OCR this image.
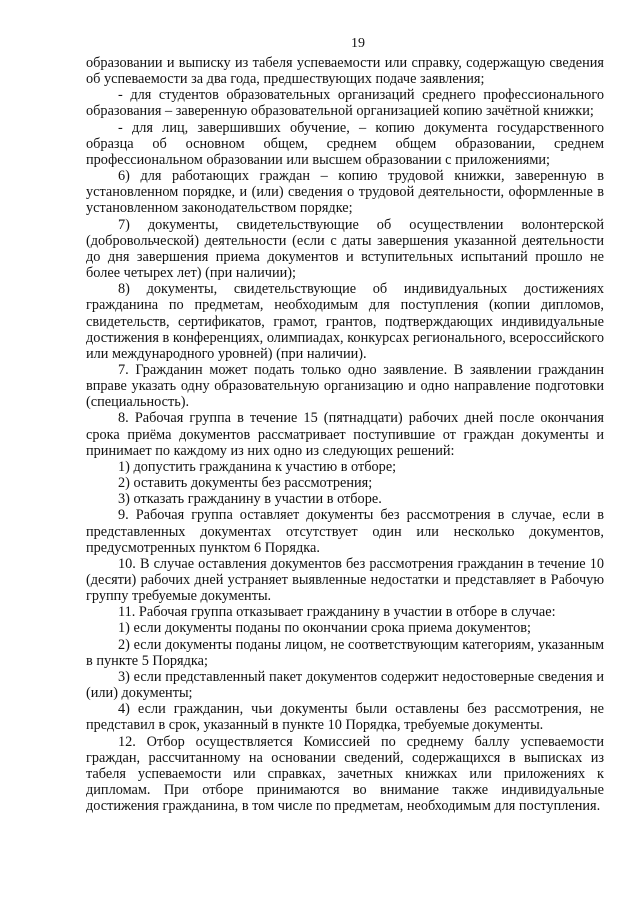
19

образовании и выписку из табеля успеваемости или справку, содержащую сведения об успеваемости за два года, предшествующих подаче заявления;

- для студентов образовательных организаций среднего профессионального образования – заверенную образовательной организацией копию зачётной книжки;

- для лиц, завершивших обучение, – копию документа государственного образца об основном общем, среднем общем образовании, среднем профессиональном образовании или высшем образовании с приложениями;

6) для работающих граждан – копию трудовой книжки, заверенную в установленном порядке, и (или) сведения о трудовой деятельности, оформленные в установленном законодательством порядке;

7) документы, свидетельствующие об осуществлении волонтерской (добровольческой) деятельности (если с даты завершения указанной деятельности до дня завершения приема документов и вступительных испытаний прошло не более четырех лет) (при наличии);

8) документы, свидетельствующие об индивидуальных достижениях гражданина по предметам, необходимым для поступления (копии дипломов, свидетельств, сертификатов, грамот, грантов, подтверждающих индивидуальные достижения в конференциях, олимпиадах, конкурсах регионального, всероссийского или международного уровней) (при наличии).

7. Гражданин может подать только одно заявление. В заявлении гражданин вправе указать одну образовательную организацию и одно направление подготовки (специальность).

8. Рабочая группа в течение 15 (пятнадцати) рабочих дней после окончания срока приёма документов рассматривает поступившие от граждан документы и принимает по каждому из них одно из следующих решений:

1) допустить гражданина к участию в отборе;

2) оставить документы без рассмотрения;

3) отказать гражданину в участии в отборе.

9. Рабочая группа оставляет документы без рассмотрения в случае, если в представленных документах отсутствует один или несколько документов, предусмотренных пунктом 6 Порядка.

10. В случае оставления документов без рассмотрения гражданин в течение 10 (десяти) рабочих дней устраняет выявленные недостатки и представляет в Рабочую группу требуемые документы.

11. Рабочая группа отказывает гражданину в участии в отборе в случае:

1) если документы поданы по окончании срока приема документов;

2) если документы поданы лицом, не соответствующим категориям, указанным в пункте 5 Порядка;

3) если представленный пакет документов содержит недостоверные сведения и (или) документы;

4) если гражданин, чьи документы были оставлены без рассмотрения, не представил в срок, указанный в пункте 10 Порядка, требуемые документы.

12. Отбор осуществляется Комиссией по среднему баллу успеваемости граждан, рассчитанному на основании сведений, содержащихся в выписках из табеля успеваемости или справках, зачетных книжках или приложениях к дипломам. При отборе принимаются во внимание также индивидуальные достижения гражданина, в том числе по предметам, необходимым для поступления.
